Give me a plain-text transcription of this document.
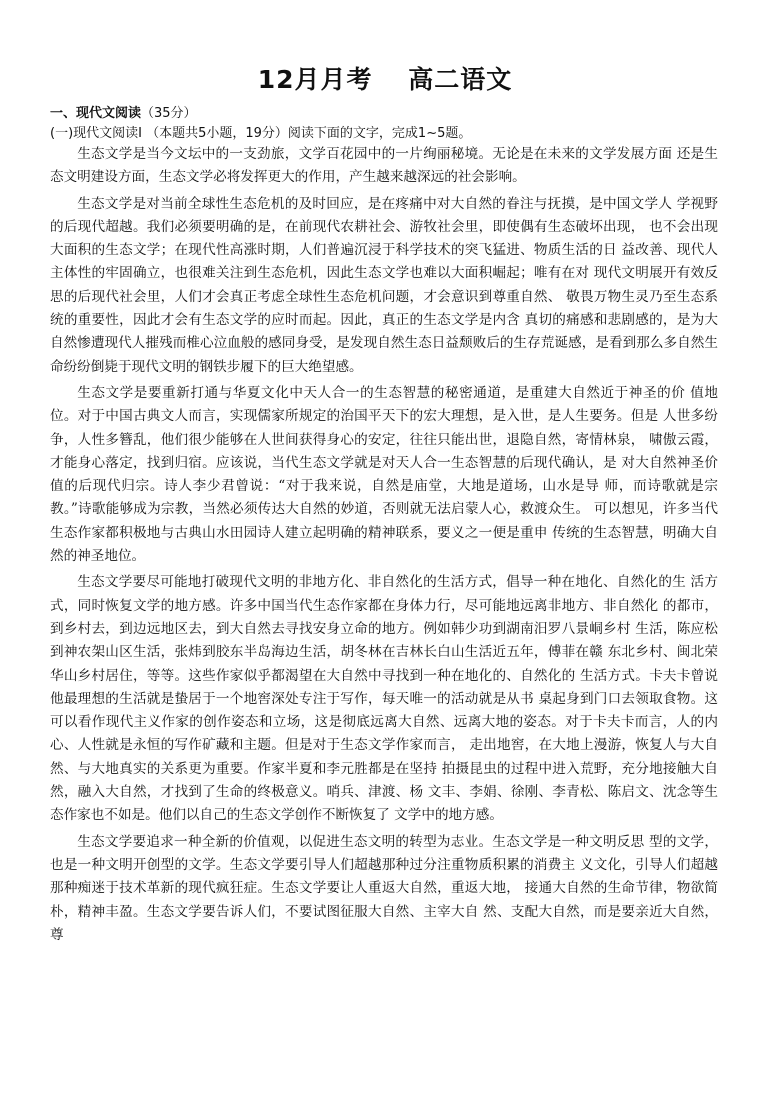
12月月考　 高二语文
一、现代文阅读（35分）
(一)现代文阅读Ⅰ （本题共5小题，19分）阅读下面的文字，完成1~5题。

生态文学是当今文坛中的一支劲旅，文学百花园中的一片绚丽秘境。无论是在未来的文学发展方面 还是生态文明建设方面，生态文学必将发挥更大的作用，产生越来越深远的社会影响。

生态文学是对当前全球性生态危机的及时回应，是在疼痛中对大自然的眷注与抚摸，是中国文学人 学视野的后现代超越。我们必须要明确的是，在前现代农耕社会、游牧社会里，即使偶有生态破坏出现， 也不会出现大面积的生态文学；在现代性高涨时期，人们普遍沉浸于科学技术的突飞猛进、物质生活的日 益改善、现代人主体性的牢固确立，也很难关注到生态危机，因此生态文学也难以大面积崛起；唯有在对 现代文明展开有效反思的后现代社会里，人们才会真正考虑全球性生态危机问题，才会意识到尊重自然、 敬畏万物生灵乃至生态系统的重要性，因此才会有生态文学的应时而起。因此，真正的生态文学是内含 真切的痛感和悲剧感的，是为大自然惨遭现代人摧残而椎心泣血般的感同身受，是发现自然生态日益颓败后的生存荒诞感，是看到那么多自然生命纷纷倒毙于现代文明的钢铁步履下的巨大绝望感。

生态文学是要重新打通与华夏文化中天人合一的生态智慧的秘密通道，是重建大自然近于神圣的价 值地位。对于中国古典文人而言，实现儒家所规定的治国平天下的宏大理想，是入世，是人生要务。但是 人世多纷争，人性多簪乱，他们很少能够在人世间获得身心的安定，往往只能出世，退隐自然，寄情林泉， 啸傲云霞，才能身心落定，找到归宿。应该说，当代生态文学就是对天人合一生态智慧的后现代确认，是 对大自然神圣价值的后现代归宗。诗人李少君曾说：“对于我来说，自然是庙堂，大地是道场，山水是导 师，而诗歌就是宗教。”诗歌能够成为宗教，当然必须传达大自然的妙道，否则就无法启蒙人心，救渡众生。 可以想见，许多当代生态作家都积极地与古典山水田园诗人建立起明确的精神联系，要义之一便是重申 传统的生态智慧，明确大自然的神圣地位。

生态文学要尽可能地打破现代文明的非地方化、非自然化的生活方式，倡导一种在地化、自然化的生 活方式，同时恢复文学的地方感。许多中国当代生态作家都在身体力行，尽可能地远离非地方、非自然化 的都市，到乡村去，到边远地区去，到大自然去寻找安身立命的地方。例如韩少功到湖南汨罗八景峒乡村 生活，陈应松到神农架山区生活，张炜到胶东半岛海边生活，胡冬林在吉林长白山生活近五年，傅菲在赣 东北乡村、闽北荣华山乡村居住，等等。这些作家似乎都渴望在大自然中寻找到一种在地化的、自然化的 生活方式。卡夫卡曾说他最理想的生活就是蛰居于一个地窖深处专注于写作，每天唯一的活动就是从书 桌起身到门口去领取食物。这可以看作现代主义作家的创作姿态和立场，这是彻底远离大自然、远离大地的姿态。对于卡夫卡而言，人的内心、人性就是永恒的写作矿藏和主题。但是对于生态文学作家而言， 走出地窖，在大地上漫游，恢复人与大自然、与大地真实的关系更为重要。作家半夏和李元胜都是在坚持 拍摄昆虫的过程中进入荒野，充分地接触大自然，融入大自然，才找到了生命的终极意义。哨兵、津渡、杨 文丰、李娟、徐刚、李青松、陈启文、沈念等生态作家也不如是。他们以自己的生态文学创作不断恢复了 文学中的地方感。

生态文学要追求一种全新的价值观，以促进生态文明的转型为志业。生态文学是一种文明反思 型的文学，也是一种文明开创型的文学。生态文学要引导人们超越那种过分注重物质积累的消费主 义文化，引导人们超越那种痴迷于技术革新的现代疯狂症。生态文学要让人重返大自然，重返大地， 接通大自然的生命节律，物欲简朴，精神丰盈。生态文学要告诉人们，不要试图征服大自然、主宰大自 然、支配大自然，而是要亲近大自然，尊
